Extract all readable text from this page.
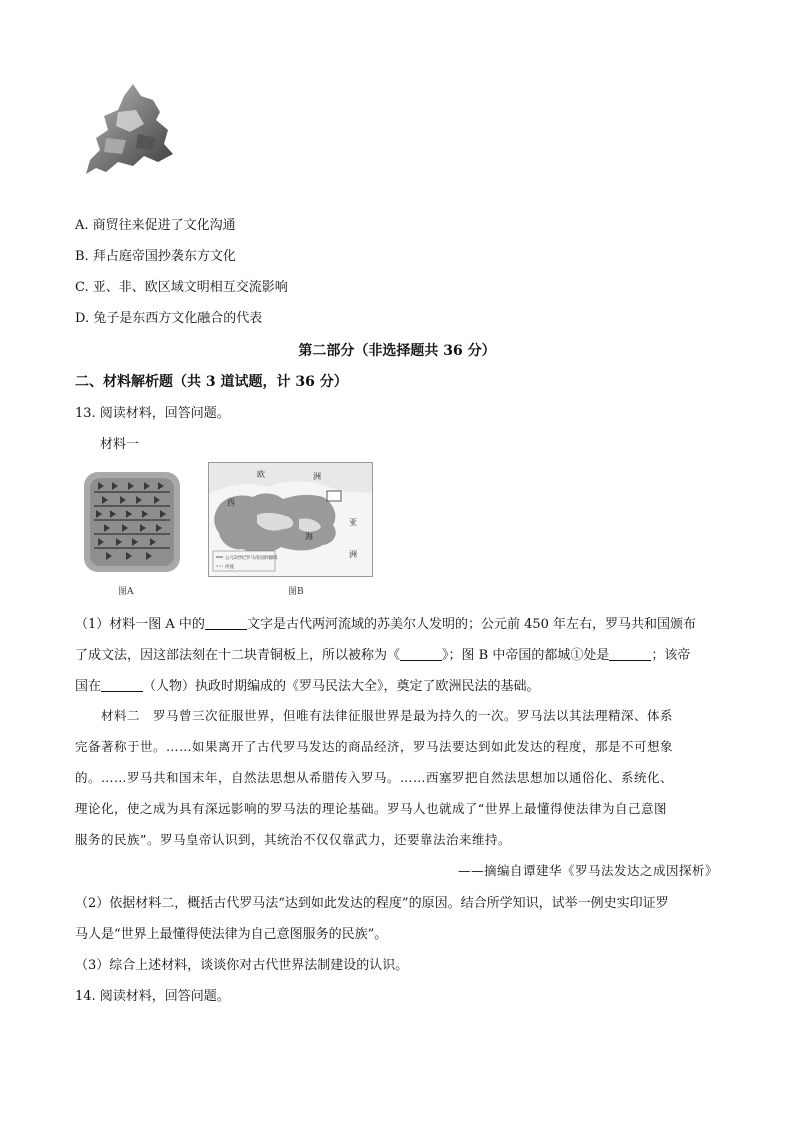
A. 商贸往来促进了文化沟通
B. 拜占庭帝国抄袭东方文化
C. 亚、非、欧区域文明相互交流影响
D. 兔子是东西方文化融合的代表
第二部分（非选择题共 36 分）
二、材料解析题（共 3 道试题，计 36 分）
13. 阅读材料，回答问题。
材料一
图A
欧	洲
西
亚
海
洲
公元2世纪罗马帝国的疆域
河流
图B
（1）材料一图 A 中的	文字是古代两河流域的苏美尔人发明的；公元前 450 年左右，罗马共和国颁布
了成文法，因这部法刻在十二块青铜板上，所以被称为《	》；图 B 中帝国的都城①处是	；该帝
国在	（人物）执政时期编成的《罗马民法大全》，奠定了欧洲民法的基础。
材料二　罗马曾三次征服世界，但唯有法律征服世界是最为持久的一次。罗马法以其法理精深、体系
完备著称于世。……如果离开了古代罗马发达的商品经济，罗马法要达到如此发达的程度，那是不可想象
的。……罗马共和国末年，自然法思想从希腊传入罗马。……西塞罗把自然法思想加以通俗化、系统化、
理论化，使之成为具有深远影响的罗马法的理论基础。罗马人也就成了“世界上最懂得使法律为自己意图
服务的民族”。罗马皇帝认识到，其统治不仅仅靠武力，还要靠法治来维持。
——摘编自谭建华《罗马法发达之成因探析》
（2）依据材料二，概括古代罗马法“达到如此发达的程度”的原因。结合所学知识，试举一例史实印证罗
马人是“世界上最懂得使法律为自己意图服务的民族”。
（3）综合上述材料，谈谈你对古代世界法制建设的认识。
14. 阅读材料，回答问题。
